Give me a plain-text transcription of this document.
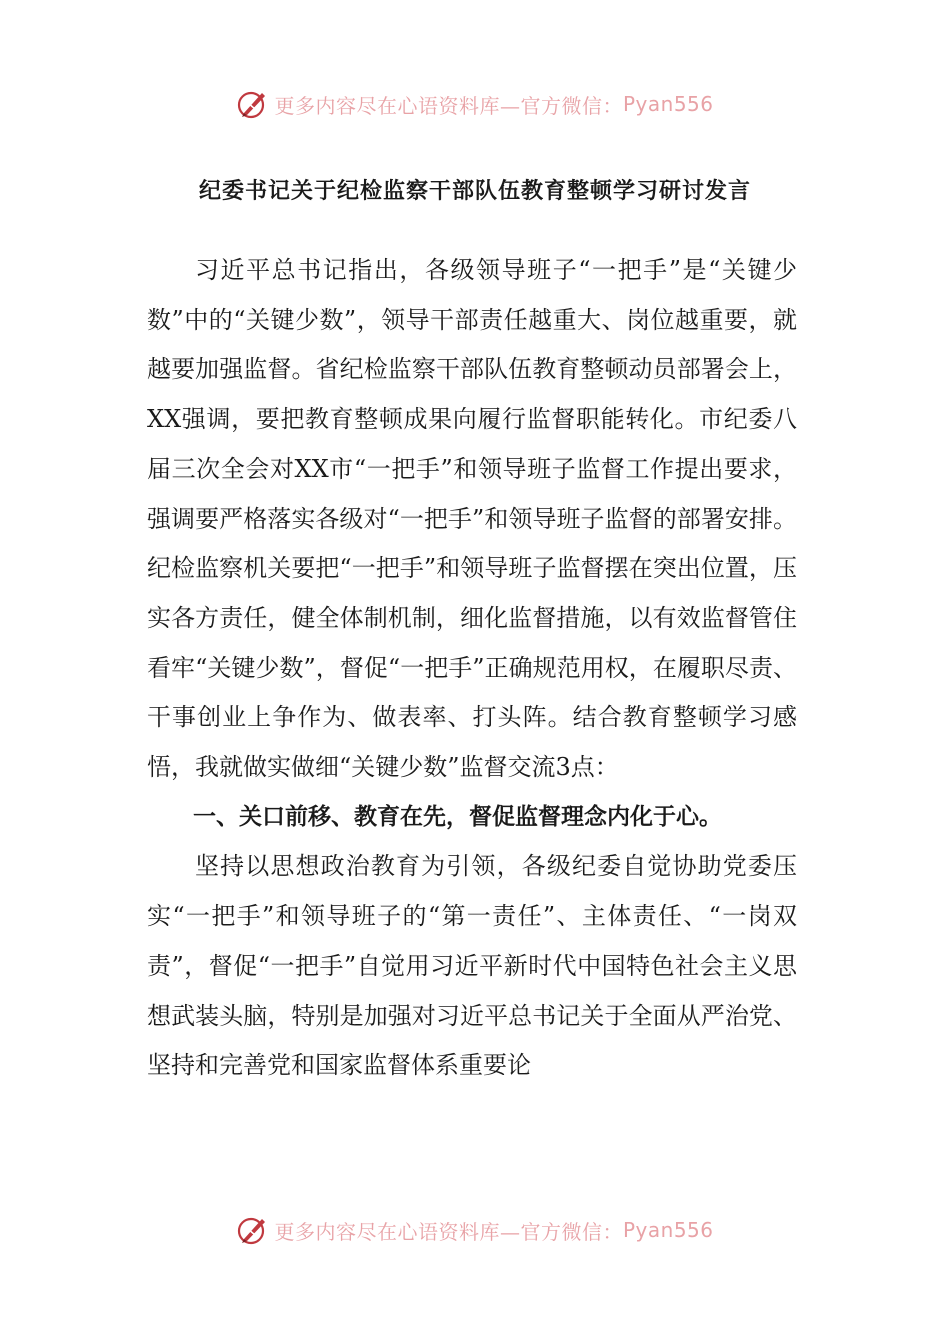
更多内容尽在心语资料库—官方微信： Pyan556
纪委书记关于纪检监察干部队伍教育整顿学习研讨发言

习近平总书记指出，各级领导班子“一把手”是“关键少数”中的“关键少数”，领导干部责任越重大、岗位越重要，就越要加强监督。省纪检监察干部队伍教育整顿动员部署会上，XX强调，要把教育整顿成果向履行监督职能转化。市纪委八届三次全会对XX市“一把手”和领导班子监督工作提出要求，强调要严格落实各级对“一把手”和领导班子监督的部署安排。纪检监察机关要把“一把手”和领导班子监督摆在突出位置，压实各方责任，健全体制机制，细化监督措施，以有效监督管住看牢“关键少数”，督促“一把手”正确规范用权，在履职尽责、干事创业上争作为、做表率、打头阵。结合教育整顿学习感悟，我就做实做细“关键少数”监督交流3点：

一、关口前移、教育在先，督促监督理念内化于心。

坚持以思想政治教育为引领，各级纪委自觉协助党委压实“一把手”和领导班子的“第一责任”、主体责任、“一岗双责”，督促“一把手”自觉用习近平新时代中国特色社会主义思想武装头脑，特别是加强对习近平总书记关于全面从严治党、坚持和完善党和国家监督体系重要论

更多内容尽在心语资料库—官方微信： Pyan556
